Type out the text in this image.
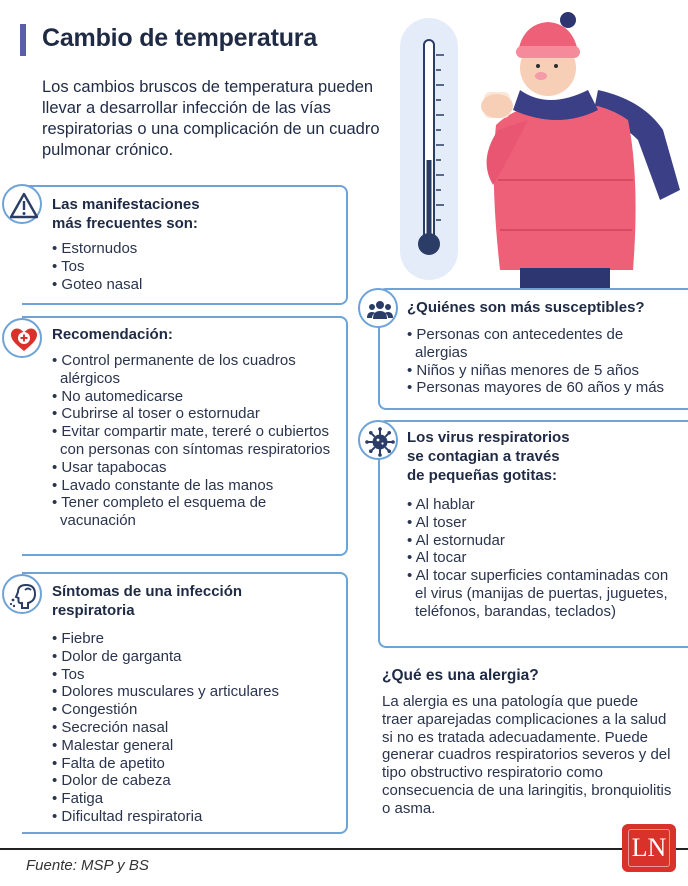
Cambio de temperatura

Los cambios bruscos de temperatura pueden llevar a desarrollar infección de las vías respiratorias o una complicación de un cuadro pulmonar crónico.

Las manifestaciones
más frecuentes son:
• Estornudos
• Tos
• Goteo nasal
Recomendación:
• Control permanente de los cuadros alérgicos
• No automedicarse
• Cubrirse al toser o estornudar
• Evitar compartir mate, tereré o cubiertos con personas con síntomas respiratorios
• Usar tapabocas
• Lavado constante de las manos
• Tener completo el esquema de vacunación
Síntomas de una infección
respiratoria
• Fiebre
• Dolor de garganta
• Tos
• Dolores musculares y articulares
• Congestión
• Secreción nasal
• Malestar general
• Falta de apetito
• Dolor de cabeza
• Fatiga
• Dificultad respiratoria
¿Quiénes son más susceptibles?
• Personas con antecedentes de alergias
• Niños y niñas menores de 5 años
• Personas mayores de 60 años y más
Los virus respiratorios
se contagian a través
de pequeñas gotitas:
• Al hablar
• Al toser
• Al estornudar
• Al tocar
• Al tocar superficies contaminadas con el virus (manijas de puertas, juguetes, teléfonos, barandas, teclados)
¿Qué es una alergia?

La alergia es una patología que puede traer aparejadas complicaciones a la salud si no es tratada adecuadamente. Puede generar cuadros respiratorios severos y del tipo obstructivo respiratorio como consecuencia de una laringitis, bronquiolitis o asma.

Fuente: MSP y BS
LN
